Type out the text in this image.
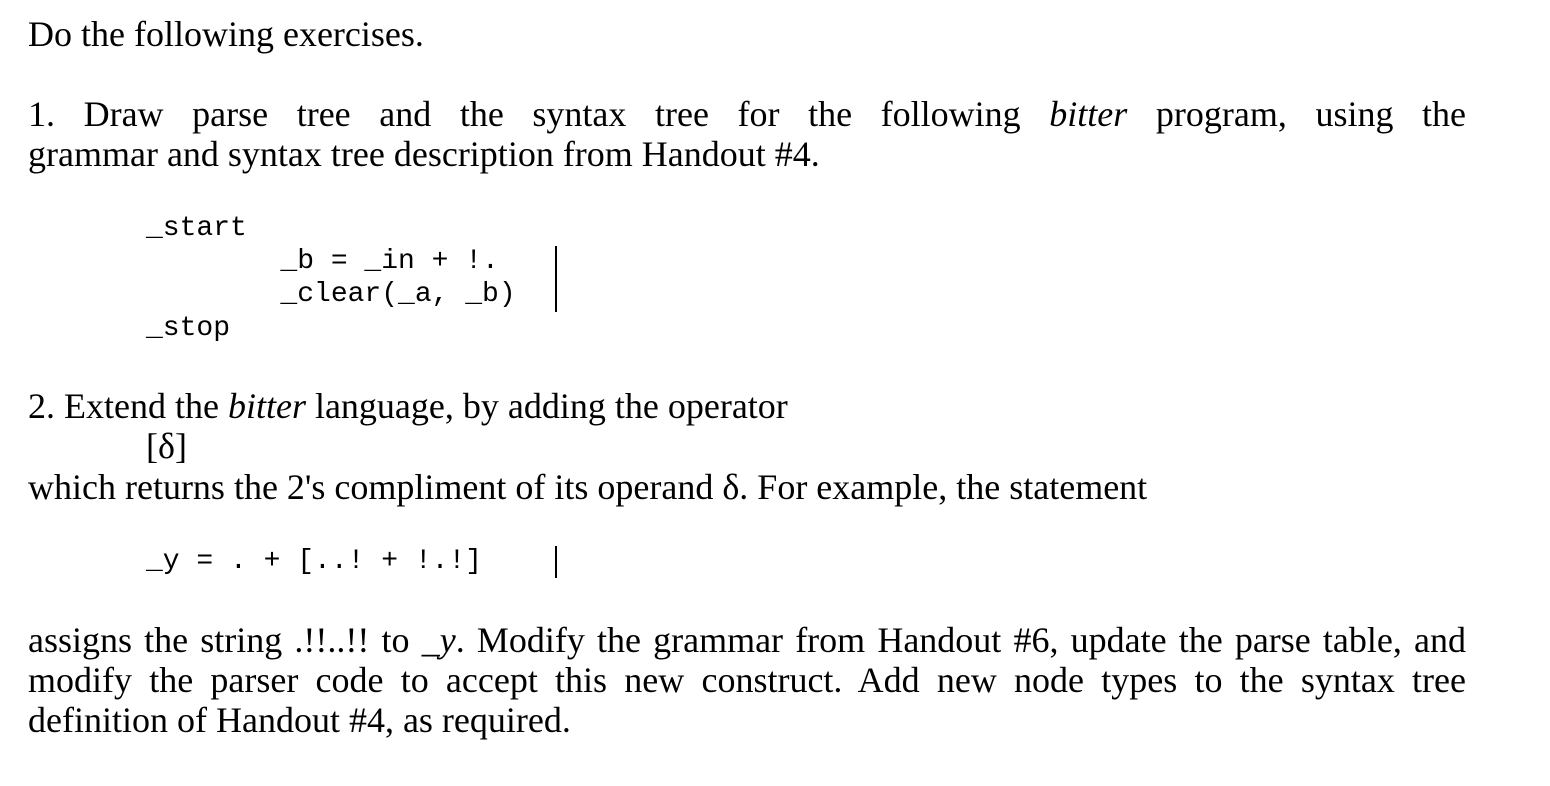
Do the following exercises.
1. Draw parse tree and the syntax tree for the following bitter program, using the
grammar and syntax tree description from Handout #4.
_start
_b = _in + !.
_clear(_a, _b)
_stop
2. Extend the bitter language, by adding the operator
[δ]
which returns the 2's compliment of its operand δ. For example, the statement
_y = . + [..! + !.!]
assigns the string .!!..!! to _y. Modify the grammar from Handout #6, update the parse table, and modify the parser code to accept this new construct. Add new node types to the syntax tree definition of Handout #4, as required.
